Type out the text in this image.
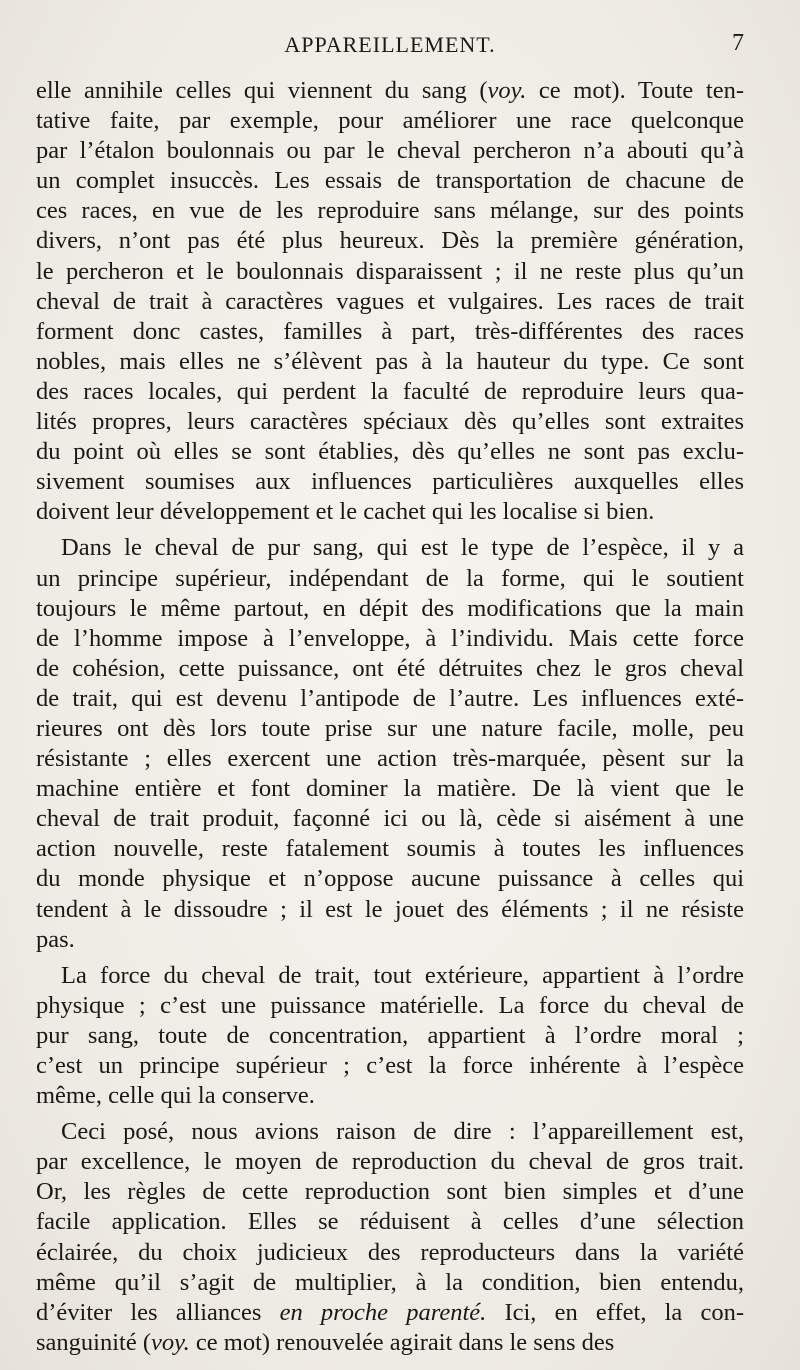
APPAREILLEMENT.	7
elle annihile celles qui viennent du sang (voy. ce mot). Toute ten-
tative faite, par exemple, pour améliorer une race quelconque
par l’étalon boulonnais ou par le cheval percheron n’a abouti qu’à
un complet insuccès. Les essais de transportation de chacune de
ces races, en vue de les reproduire sans mélange, sur des points
divers, n’ont pas été plus heureux. Dès la première génération,
le percheron et le boulonnais disparaissent ; il ne reste plus qu’un
cheval de trait à caractères vagues et vulgaires. Les races de trait
forment donc castes, familles à part, très-différentes des races
nobles, mais elles ne s’élèvent pas à la hauteur du type. Ce sont
des races locales, qui perdent la faculté de reproduire leurs qua-
lités propres, leurs caractères spéciaux dès qu’elles sont extraites
du point où elles se sont établies, dès qu’elles ne sont pas exclu-
sivement soumises aux influences particulières auxquelles elles
doivent leur développement et le cachet qui les localise si bien.
Dans le cheval de pur sang, qui est le type de l’espèce, il y a
un principe supérieur, indépendant de la forme, qui le soutient
toujours le même partout, en dépit des modifications que la main
de l’homme impose à l’enveloppe, à l’individu. Mais cette force
de cohésion, cette puissance, ont été détruites chez le gros cheval
de trait, qui est devenu l’antipode de l’autre. Les influences exté-
rieures ont dès lors toute prise sur une nature facile, molle, peu
résistante ; elles exercent une action très-marquée, pèsent sur la
machine entière et font dominer la matière. De là vient que le
cheval de trait produit, façonné ici ou là, cède si aisément à une
action nouvelle, reste fatalement soumis à toutes les influences
du monde physique et n’oppose aucune puissance à celles qui
tendent à le dissoudre ; il est le jouet des éléments ; il ne résiste
pas.
La force du cheval de trait, tout extérieure, appartient à l’ordre
physique ; c’est une puissance matérielle. La force du cheval de
pur sang, toute de concentration, appartient à l’ordre moral ;
c’est un principe supérieur ; c’est la force inhérente à l’espèce
même, celle qui la conserve.
Ceci posé, nous avions raison de dire : l’appareillement est,
par excellence, le moyen de reproduction du cheval de gros trait.
Or, les règles de cette reproduction sont bien simples et d’une
facile application. Elles se réduisent à celles d’une sélection
éclairée, du choix judicieux des reproducteurs dans la variété
même qu’il s’agit de multiplier, à la condition, bien entendu,
d’éviter les alliances en proche parenté. Ici, en effet, la con-
sanguinité (voy. ce mot) renouvelée agirait dans le sens des
